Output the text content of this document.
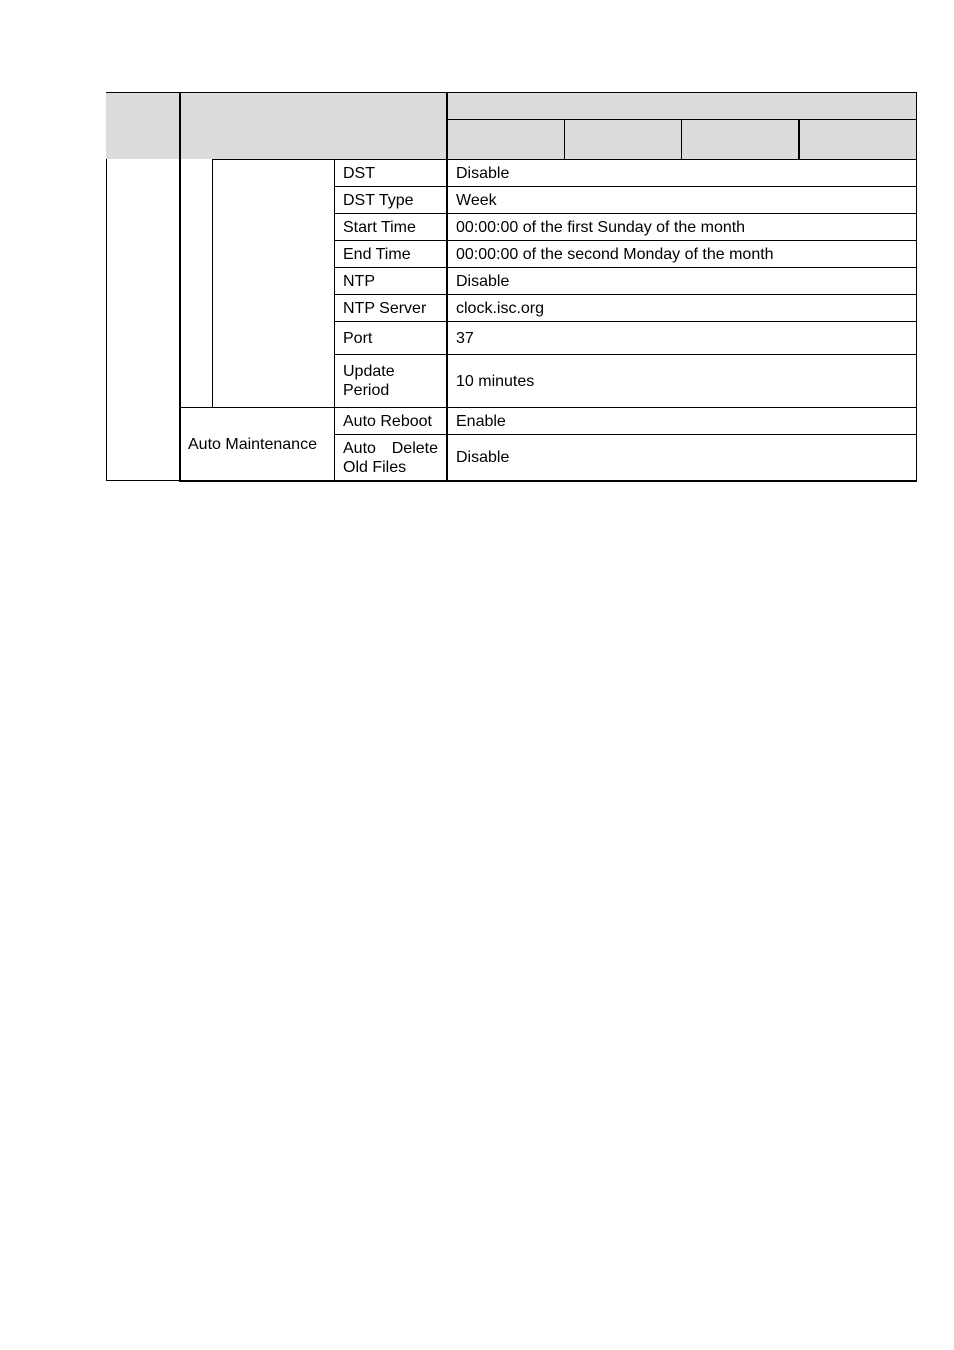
DST
DST Type
Start Time
End Time
NTP
NTP Server
Port
Update
Period
Auto Reboot
Auto Delete
Old Files
Disable
Week
00:00:00 of the first Sunday of the month
00:00:00 of the second Monday of the month
Disable
clock.isc.org
37
10 minutes
Enable
Disable
Auto Maintenance
